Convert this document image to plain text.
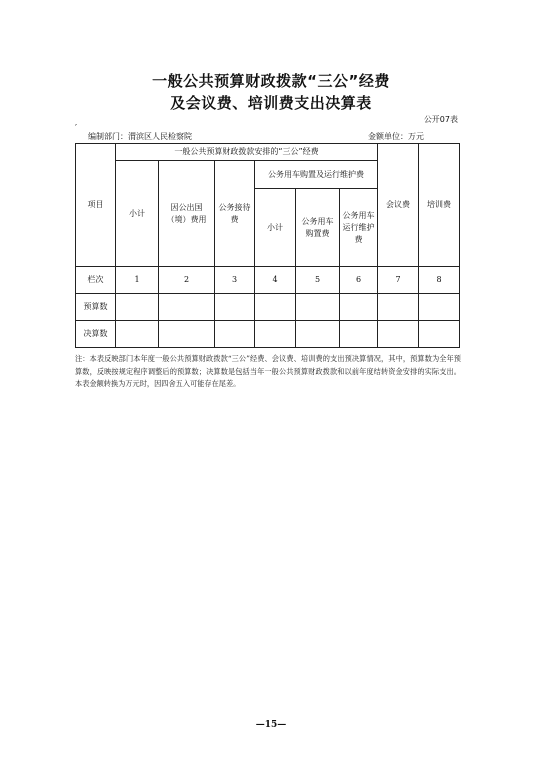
一般公共预算财政拨款“三公”经费
及会议费、培训费支出决算表
公开07表
˹
编制部门：渭滨区人民检察院	金额单位：万元
项目	一般公共预算财政拨款安排的“三公”经费						会议费	培训费
	小计	因公出国（境）费用	公务接待费	公务用车购置及运行维护费				
				小计	公务用车购置费	公务用车运行维护费		

栏次	1	2	3	4	5	6	7	8
预算数								
决算数								
注：本表反映部门本年度一般公共预算财政拨款“三公”经费、会议费、培训费的支出预决算情况，其中，预算数为全年预算数，反映按规定程序调整后的预算数；决算数是包括当年一般公共预算财政拨款和以前年度结转资金安排的实际支出。本表金额转换为万元时，因四舍五入可能存在尾差。
—15—
